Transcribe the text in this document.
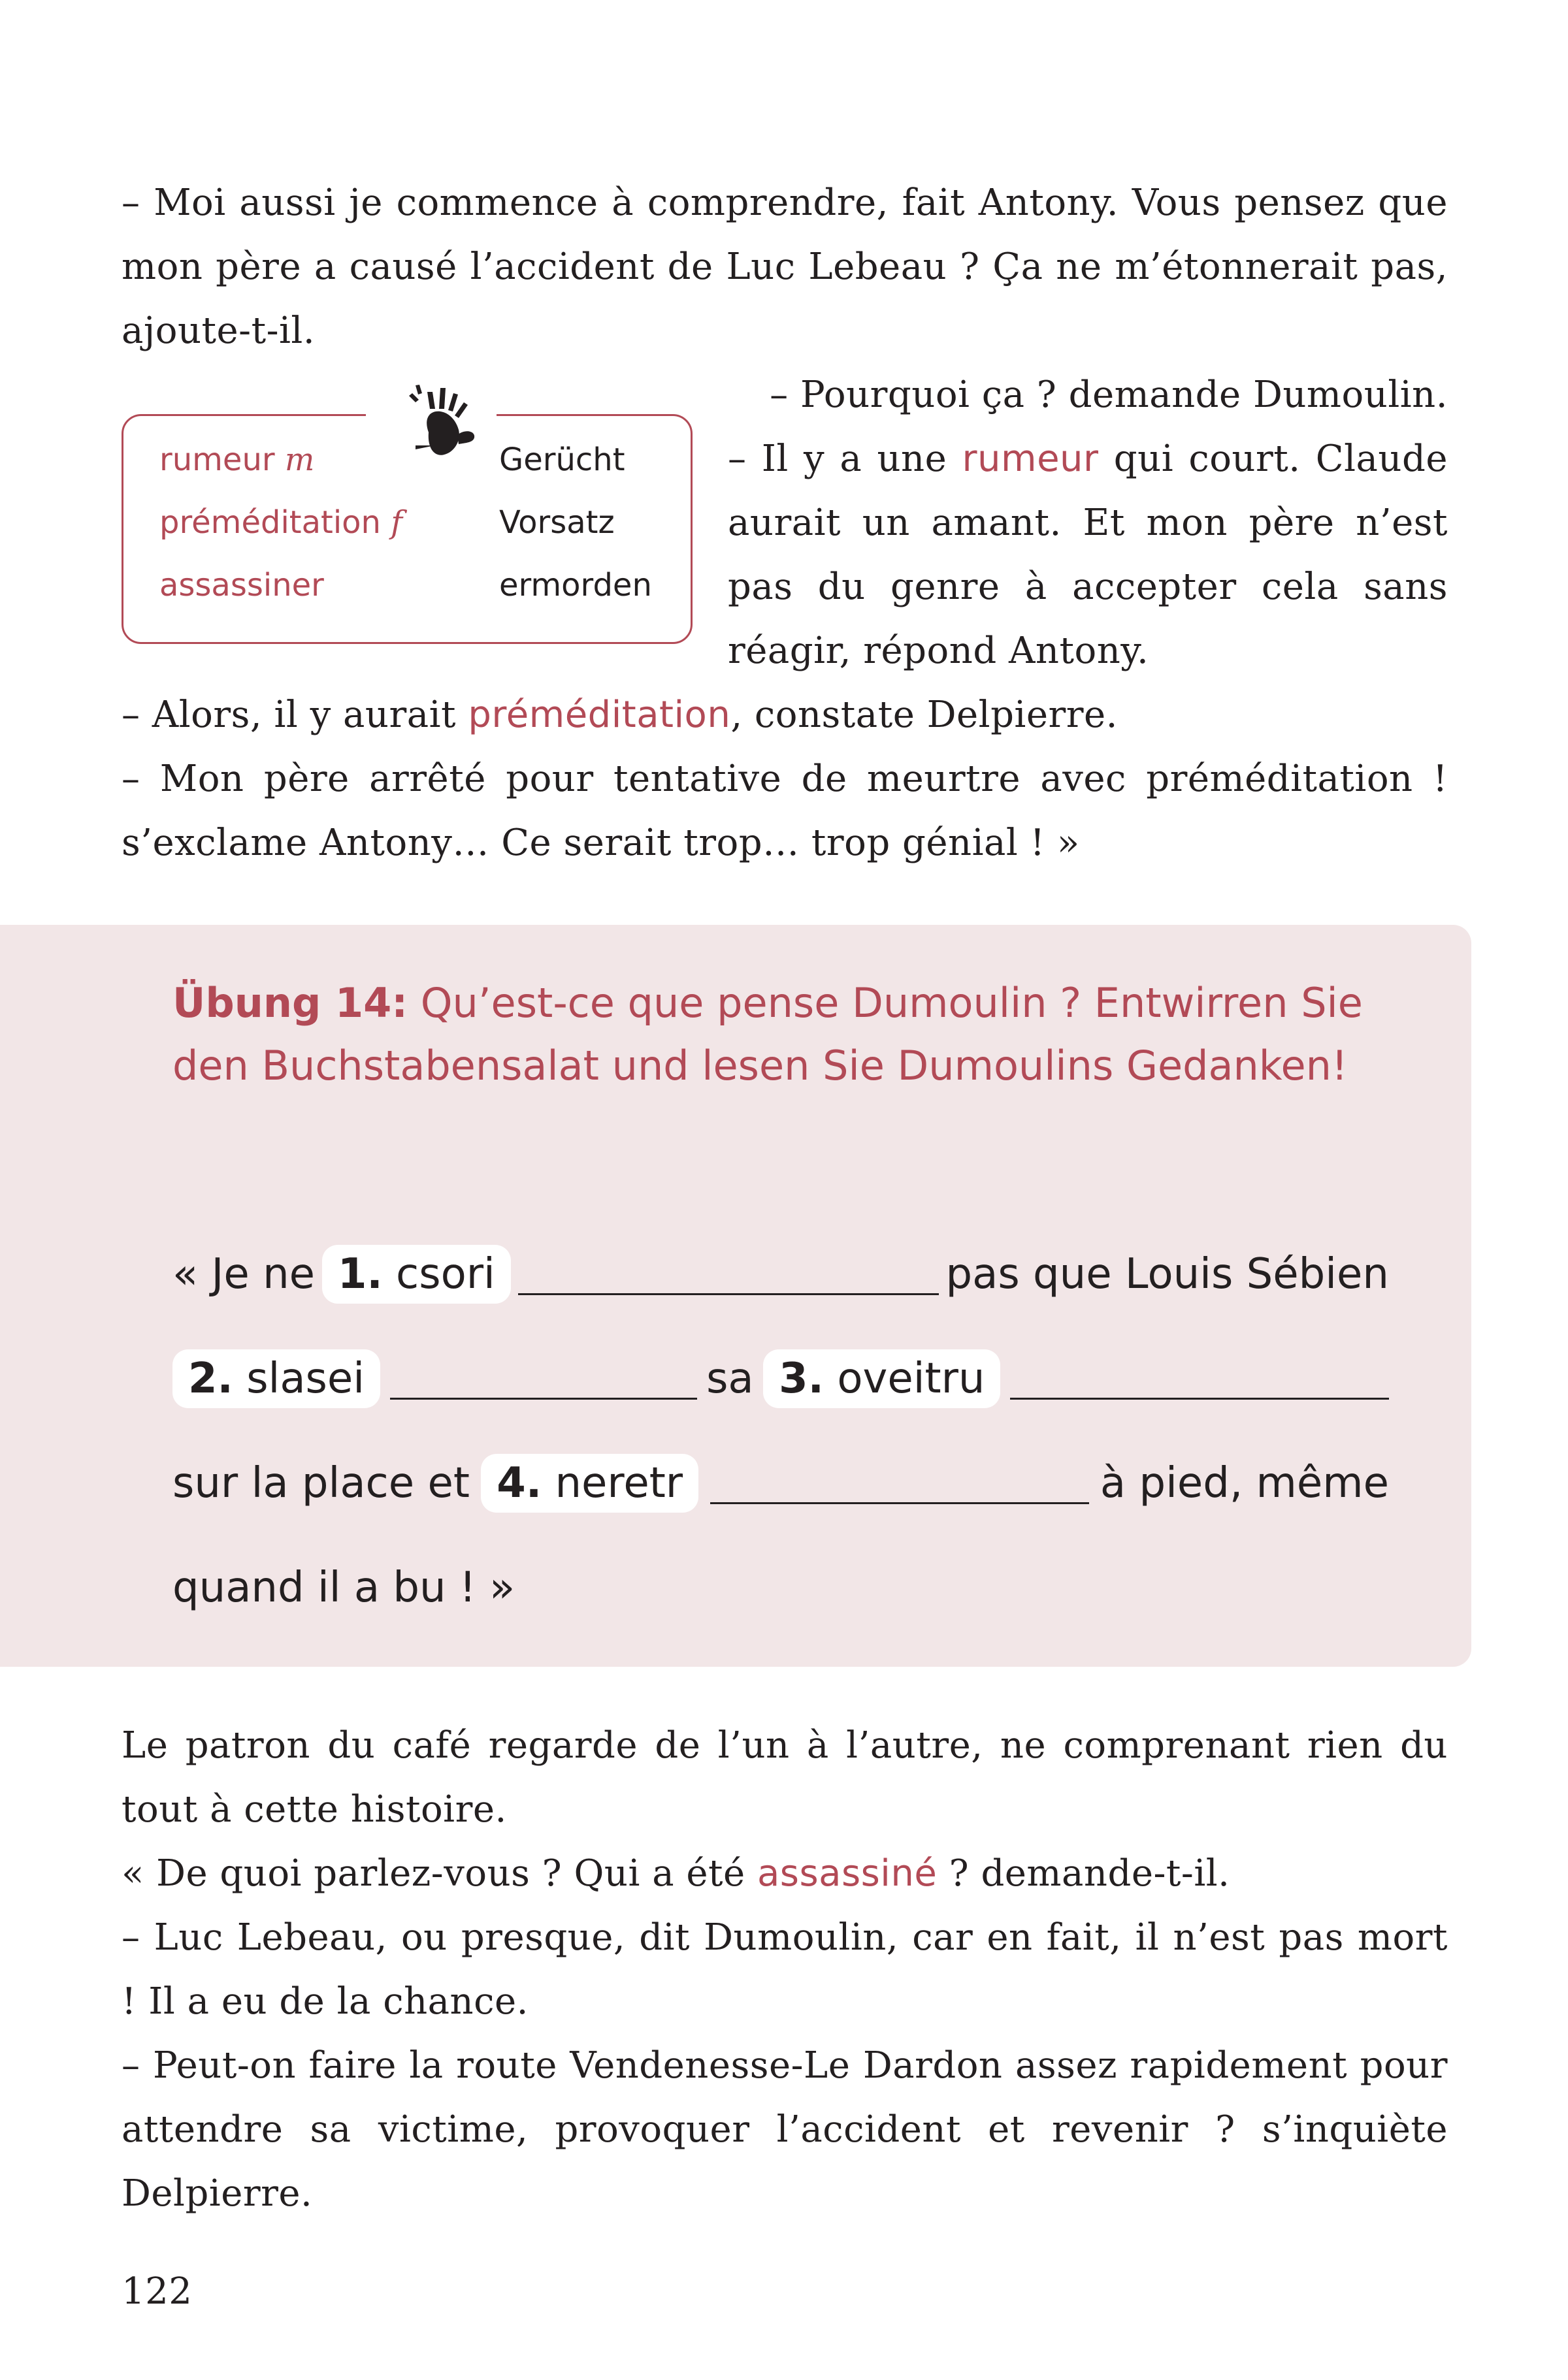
– Moi aussi je commence à comprendre, fait Antony. Vous pensez que mon père a causé l’accident de Luc Lebeau ? Ça ne m’étonnerait pas, ajoute-t-il.

rumeur m	Gerücht
préméditation f	Vorsatz
assassiner	ermorden

– Pourquoi ça ? demande Dumoulin.

– Il y a une rumeur qui court. Claude aurait un amant. Et mon père n’est pas du genre à accepter cela sans réagir, répond Antony.

– Alors, il y aurait préméditation, constate Delpierre.

– Mon père arrêté pour tentative de meurtre avec préméditation ! s’exclame Antony… Ce serait trop… trop génial ! »

Übung 14: Qu’est-ce que pense Dumoulin ? Entwirren Sie den Buchstabensalat und lesen Sie Dumoulins Gedanken!

« Je ne 1. csori	pas que Louis Sébien
2. slasei	sa 3. oveitru
sur la place et 4. neretr	à pied, même
quand il a bu ! »

Le patron du café regarde de l’un à l’autre, ne comprenant rien du tout à cette histoire.

« De quoi parlez-vous ? Qui a été assassiné ? demande-t-il.

– Luc Lebeau, ou presque, dit Dumoulin, car en fait, il n’est pas mort ! Il a eu de la chance.

– Peut-on faire la route Vendenesse-Le Dardon assez rapidement pour attendre sa victime, provoquer l’accident et revenir ? s’inquiète Delpierre.

122
